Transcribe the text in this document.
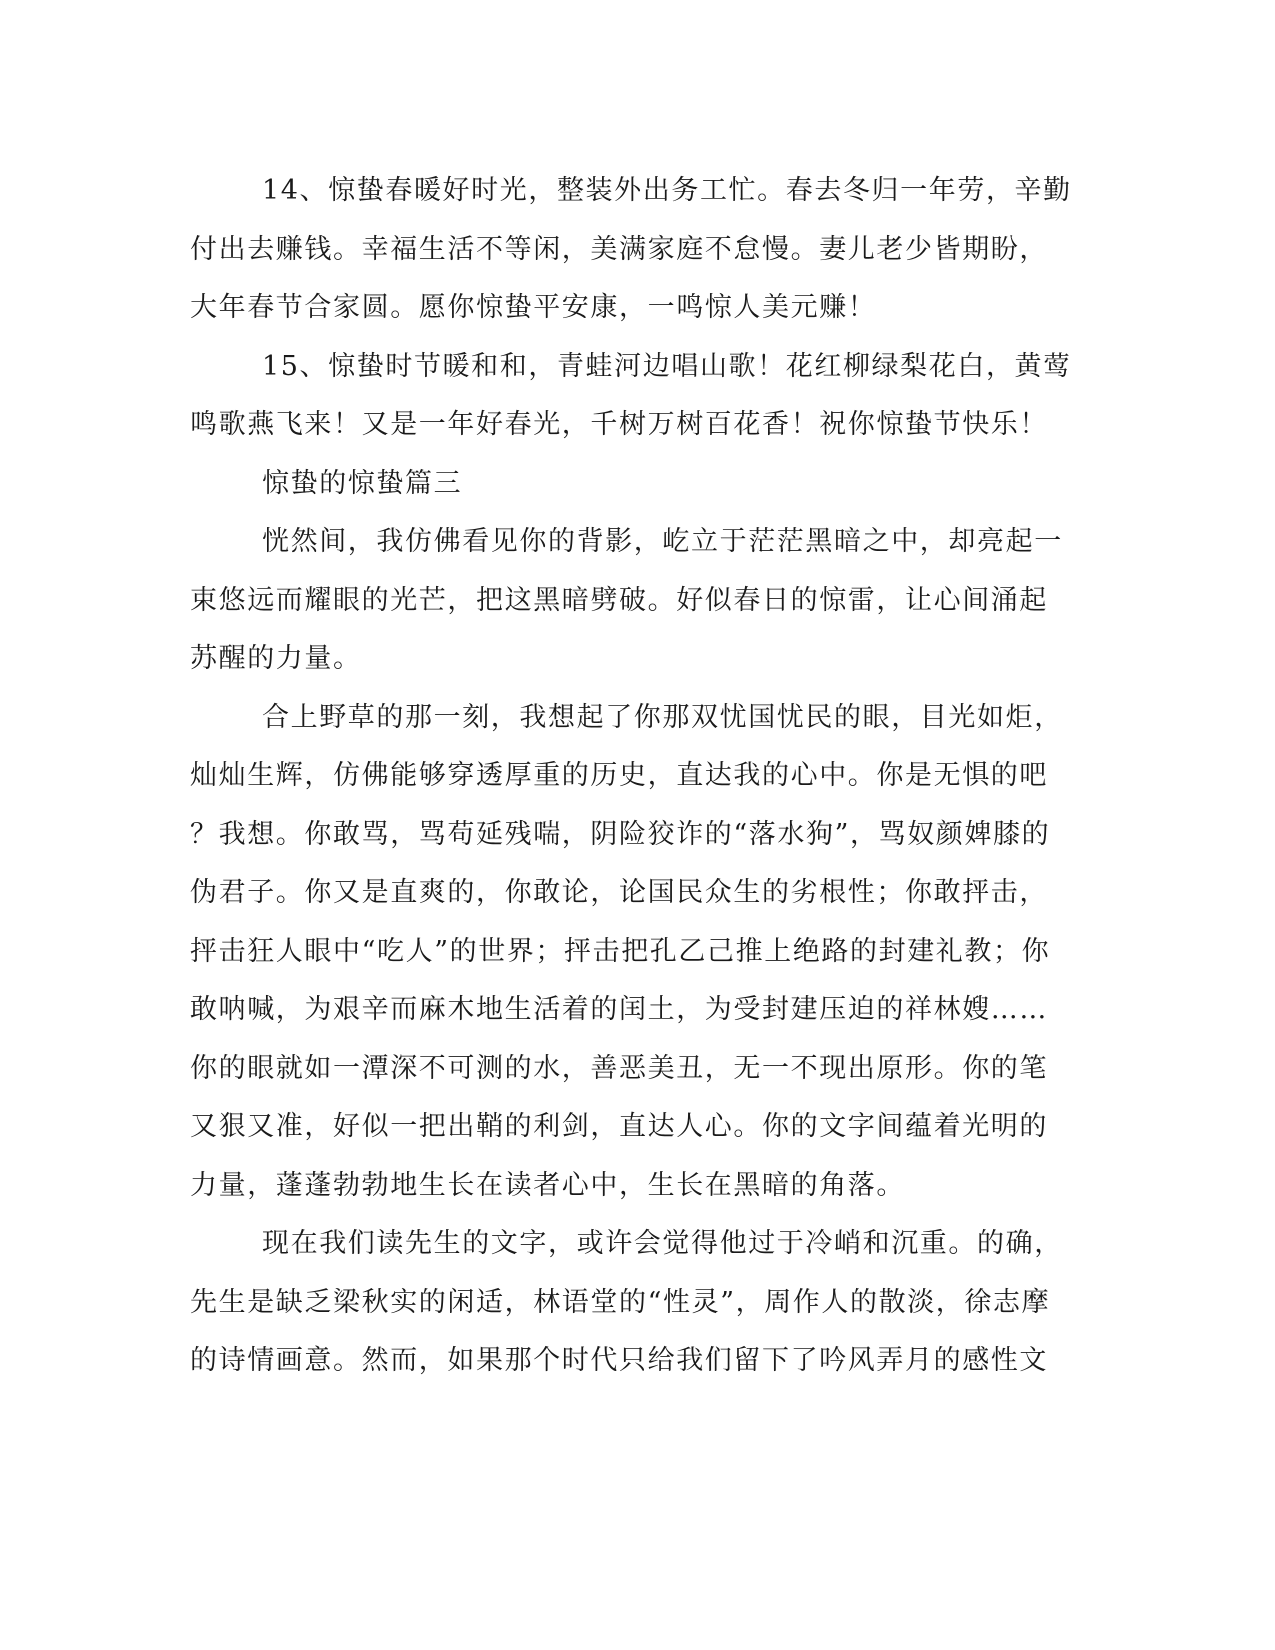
14、惊蛰春暖好时光，整装外出务工忙。春去冬归一年劳，辛勤
付出去赚钱。幸福生活不等闲，美满家庭不怠慢。妻儿老少皆期盼，
大年春节合家圆。愿你惊蛰平安康，一鸣惊人美元赚！
15、惊蛰时节暖和和，青蛙河边唱山歌！花红柳绿梨花白，黄莺
鸣歌燕飞来！又是一年好春光，千树万树百花香！祝你惊蛰节快乐！
惊蛰的惊蛰篇三
恍然间，我仿佛看见你的背影，屹立于茫茫黑暗之中，却亮起一
束悠远而耀眼的光芒，把这黑暗劈破。好似春日的惊雷，让心间涌起
苏醒的力量。
合上野草的那一刻，我想起了你那双忧国忧民的眼，目光如炬，
灿灿生辉，仿佛能够穿透厚重的历史，直达我的心中。你是无惧的吧
？我想。你敢骂，骂苟延残喘，阴险狡诈的“落水狗”，骂奴颜婢膝的
伪君子。你又是直爽的，你敢论，论国民众生的劣根性；你敢抨击，
抨击狂人眼中“吃人”的世界；抨击把孔乙己推上绝路的封建礼教；你
敢呐喊，为艰辛而麻木地生活着的闰土，为受封建压迫的祥林嫂……
你的眼就如一潭深不可测的水，善恶美丑，无一不现出原形。你的笔
又狠又准，好似一把出鞘的利剑，直达人心。你的文字间蕴着光明的
力量，蓬蓬勃勃地生长在读者心中，生长在黑暗的角落。
现在我们读先生的文字，或许会觉得他过于冷峭和沉重。的确，
先生是缺乏梁秋实的闲适，林语堂的“性灵”，周作人的散淡，徐志摩
的诗情画意。然而，如果那个时代只给我们留下了吟风弄月的感性文
